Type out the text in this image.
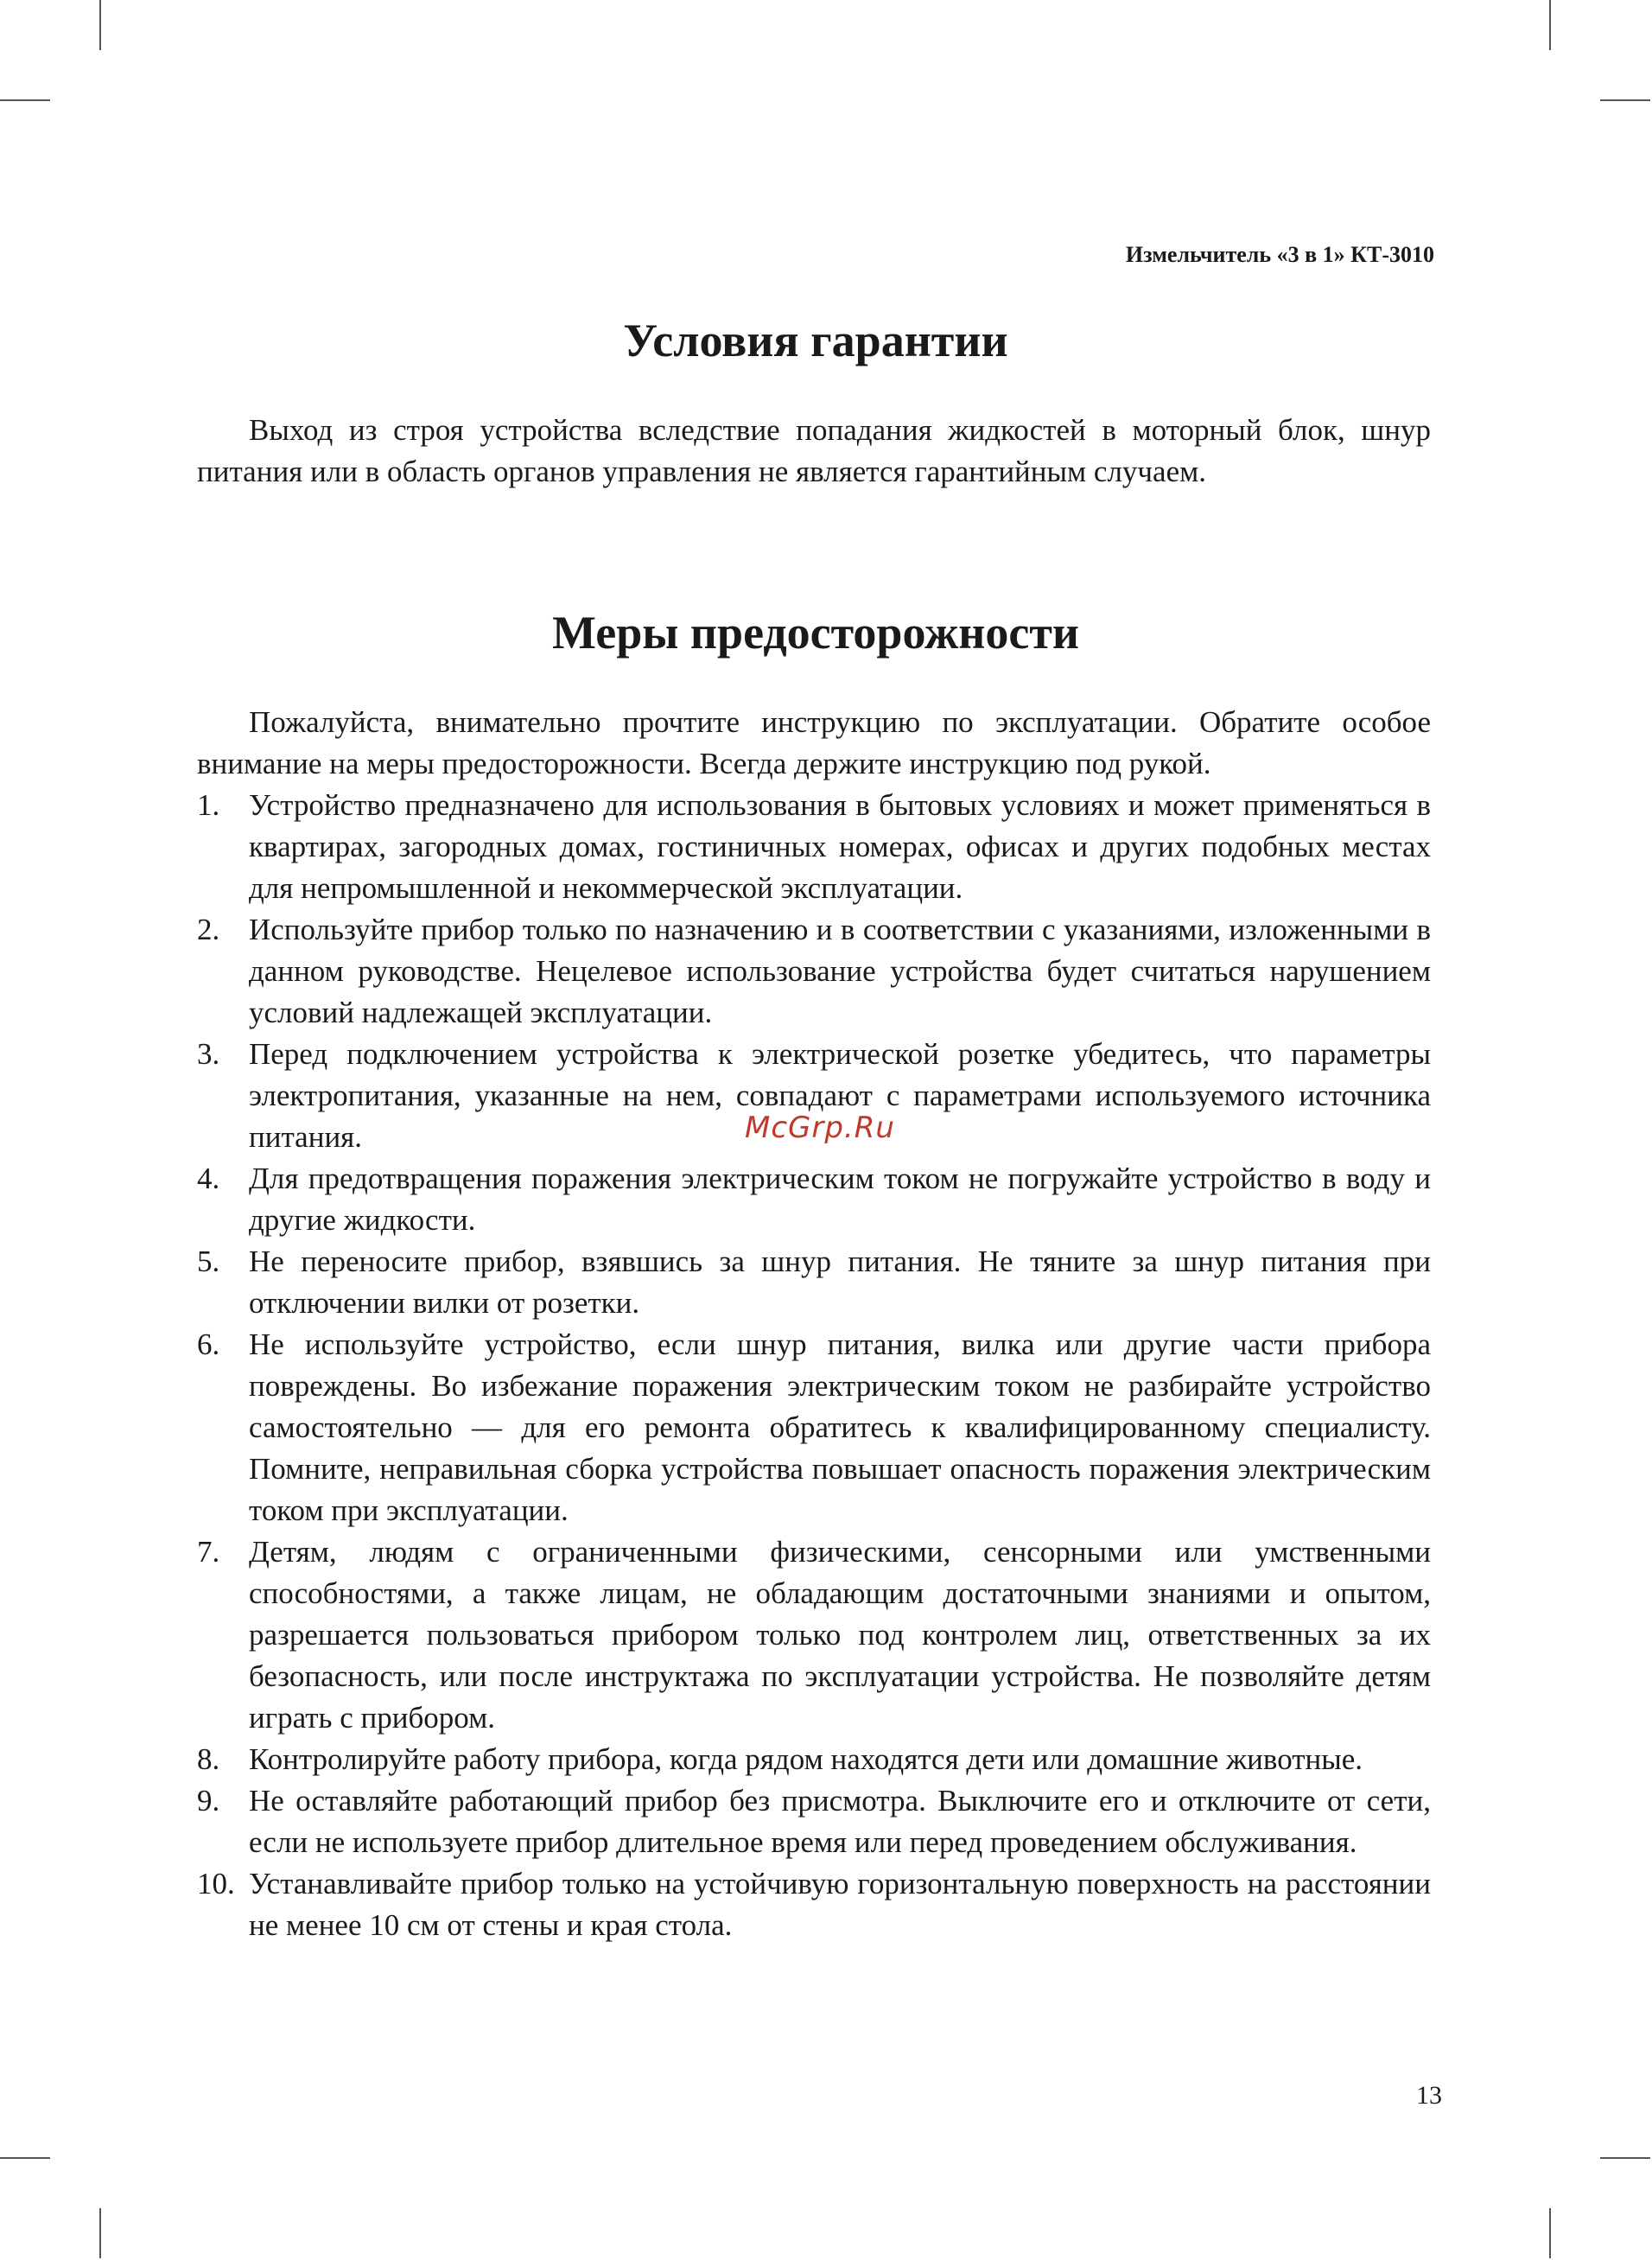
Измельчитель «3 в 1» КТ-3010

Условия гарантии

Выход из строя устройства вследствие попадания жидкостей в моторный блок, шнур питания или в область органов управления не является гарантийным случаем.

Меры предосторожности

Пожалуйста, внимательно прочтите инструкцию по эксплуатации. Обратите особое внимание на меры предосторожности. Всегда держите инструкцию под рукой.

1. Устройство предназначено для использования в бытовых условиях и может применяться в квартирах, загородных домах, гостиничных номерах, офисах и других подобных местах для непромышленной и некоммерческой эксплуатации.
2. Используйте прибор только по назначению и в соответствии с указаниями, изложенными в данном руководстве. Нецелевое использование устройства будет считаться нарушением условий надлежащей эксплуатации.
3. Перед подключением устройства к электрической розетке убедитесь, что параметры электропитания, указанные на нем, совпадают с параметрами используемого источника питания.
4. Для предотвращения поражения электрическим током не погружайте устройство в воду и другие жидкости.
5. Не переносите прибор, взявшись за шнур питания. Не тяните за шнур питания при отключении вилки от розетки.
6. Не используйте устройство, если шнур питания, вилка или другие части прибора повреждены. Во избежание поражения электрическим током не разбирайте устройство самостоятельно — для его ремонта обратитесь к квалифицированному специалисту. Помните, неправильная сборка устройства повышает опасность поражения электрическим током при эксплуатации.
7. Детям, людям с ограниченными физическими, сенсорными или умственными способностями, а также лицам, не обладающим достаточными знаниями и опытом, разрешается пользоваться прибором только под контролем лиц, ответственных за их безопасность, или после инструктажа по эксплуатации устройства. Не позволяйте детям играть с прибором.
8. Контролируйте работу прибора, когда рядом находятся дети или домашние животные.
9. Не оставляйте работающий прибор без присмотра. Выключите его и отключите от сети, если не используете прибор длительное время или перед проведением обслуживания.
10. Устанавливайте прибор только на устойчивую горизонтальную поверхность на расстоянии не менее 10 см от стены и края стола.
McGrp.Ru

13
